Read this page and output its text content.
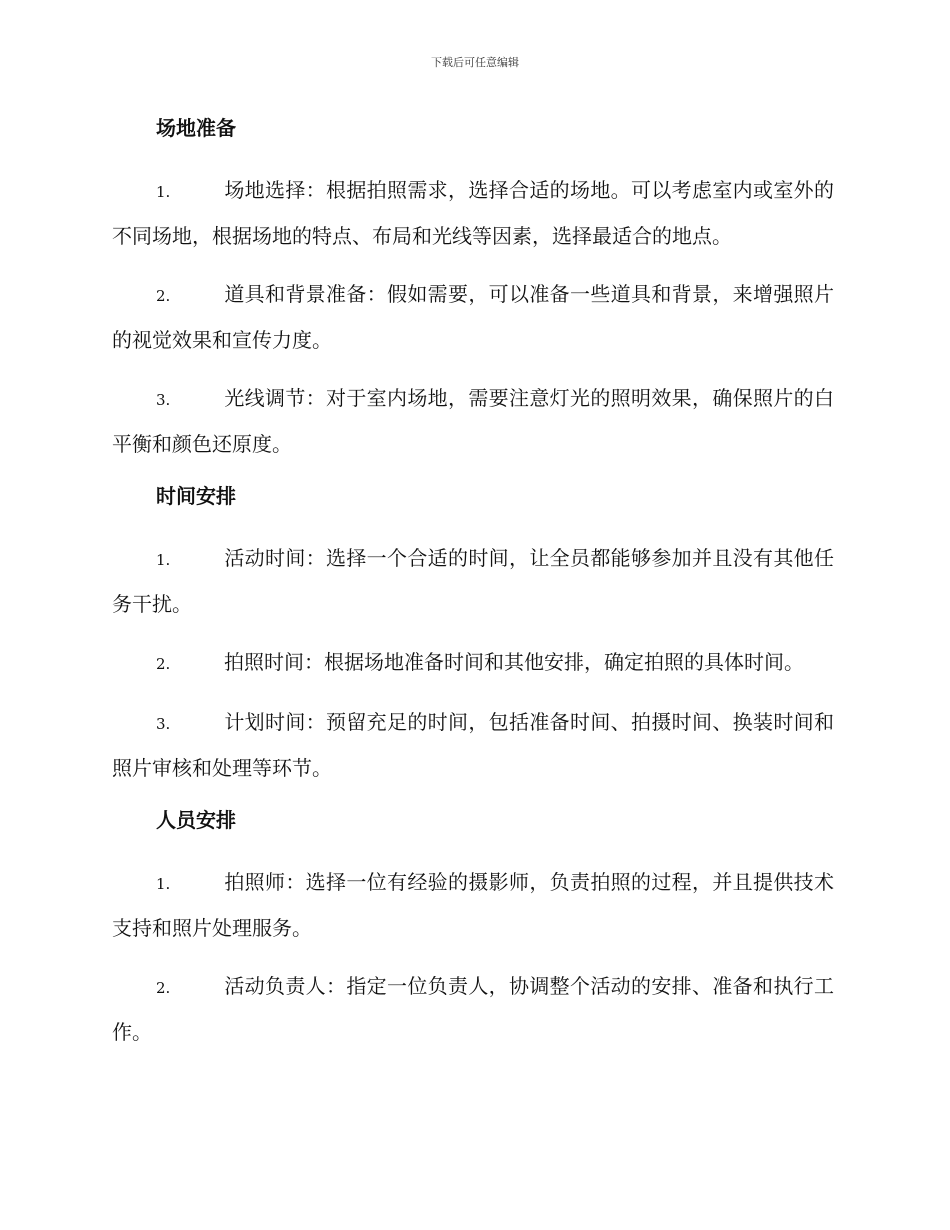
下载后可任意编辑
场地准备

1.	场地选择：根据拍照需求，选择合适的场地。可以考虑室内或室外的不同场地，根据场地的特点、布局和光线等因素，选择最适合的地点。

2.	道具和背景准备：假如需要，可以准备一些道具和背景，来增强照片的视觉效果和宣传力度。

3.	光线调节：对于室内场地，需要注意灯光的照明效果，确保照片的白平衡和颜色还原度。

时间安排

1.	活动时间：选择一个合适的时间，让全员都能够参加并且没有其他任务干扰。

2.	拍照时间：根据场地准备时间和其他安排，确定拍照的具体时间。

3.	计划时间：预留充足的时间，包括准备时间、拍摄时间、换装时间和照片审核和处理等环节。

人员安排

1.	拍照师：选择一位有经验的摄影师，负责拍照的过程，并且提供技术支持和照片处理服务。

2.	活动负责人：指定一位负责人，协调整个活动的安排、准备和执行工作。
